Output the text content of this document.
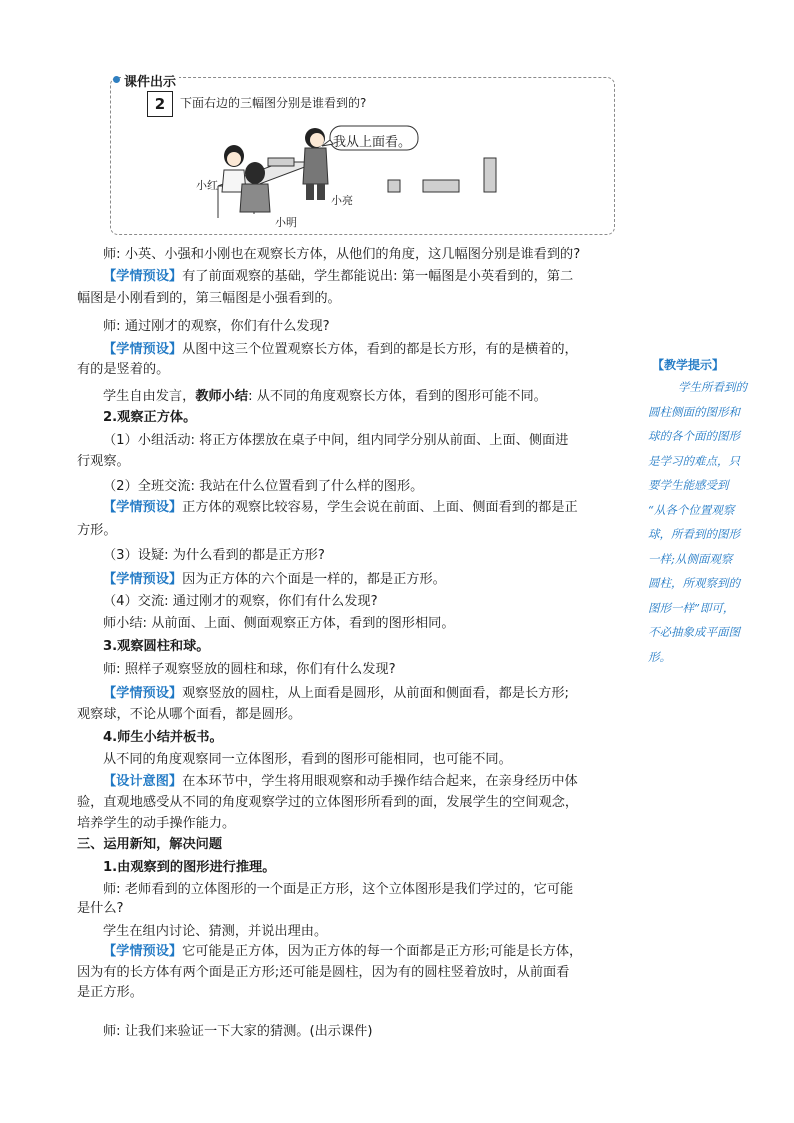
课件出示
2	下面右边的三幅图分别是谁看到的?
我从上面看。
小红
小明
小亮
师: 小英、小强和小刚也在观察长方体，从他们的角度，这几幅图分别是谁看到的?
【学情预设】有了前面观察的基础，学生都能说出: 第一幅图是小英看到的，第二
幅图是小刚看到的，第三幅图是小强看到的。
师: 通过刚才的观察，你们有什么发现?
【学情预设】从图中这三个位置观察长方体，看到的都是长方形，有的是横着的，
有的是竖着的。
学生自由发言，教师小结: 从不同的角度观察长方体，看到的图形可能不同。
2.观察正方体。
（1）小组活动: 将正方体摆放在桌子中间，组内同学分别从前面、上面、侧面进
行观察。
（2）全班交流: 我站在什么位置看到了什么样的图形。
【学情预设】正方体的观察比较容易，学生会说在前面、上面、侧面看到的都是正
方形。
（3）设疑: 为什么看到的都是正方形?
【学情预设】因为正方体的六个面是一样的，都是正方形。
（4）交流: 通过刚才的观察，你们有什么发现?
师小结: 从前面、上面、侧面观察正方体，看到的图形相同。
3.观察圆柱和球。
师: 照样子观察竖放的圆柱和球，你们有什么发现?
【学情预设】观察竖放的圆柱，从上面看是圆形，从前面和侧面看，都是长方形;
观察球，不论从哪个面看，都是圆形。
4.师生小结并板书。
从不同的角度观察同一立体图形，看到的图形可能相同，也可能不同。
【设计意图】在本环节中，学生将用眼观察和动手操作结合起来，在亲身经历中体
验，直观地感受从不同的角度观察学过的立体图形所看到的面，发展学生的空间观念，
培养学生的动手操作能力。
三、运用新知，解决问题
1.由观察到的图形进行推理。
师: 老师看到的立体图形的一个面是正方形，这个立体图形是我们学过的，它可能
是什么?
学生在组内讨论、猜测，并说出理由。
【学情预设】它可能是正方体，因为正方体的每一个面都是正方形;可能是长方体，
因为有的长方体有两个面是正方形;还可能是圆柱，因为有的圆柱竖着放时，从前面看
是正方形。
师: 让我们来验证一下大家的猜测。(出示课件)
【教学提示】
学生所看到的
圆柱侧面的图形和
球的各个面的图形
是学习的难点，只
要学生能感受到
“从各个位置观察
球，所看到的图形
一样;从侧面观察
圆柱，所观察到的
图形一样”即可，
不必抽象成平面图
形。
